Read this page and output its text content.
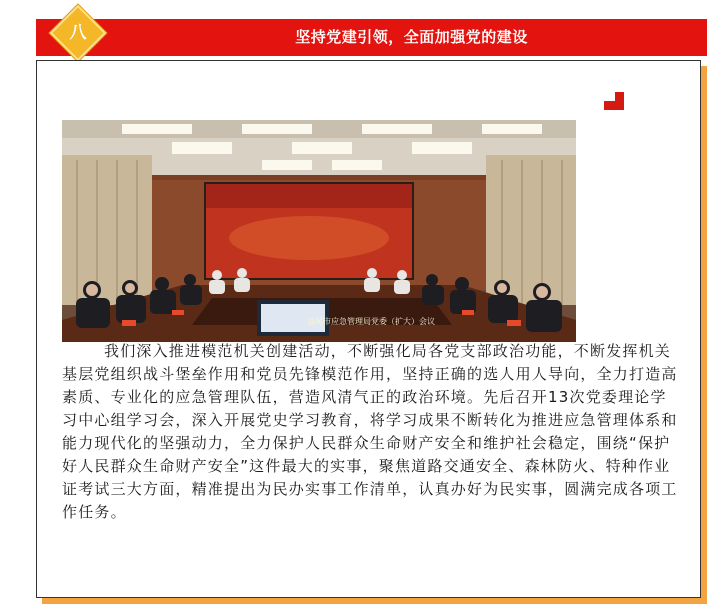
坚持党建引领，全面加强党的建设
八
汕尾市应急管理局党委（扩大）会议

我们深入推进模范机关创建活动，不断强化局各党支部政治功能，不断发挥机关基层党组织战斗堡垒作用和党员先锋模范作用，坚持正确的选人用人导向，全力打造高素质、专业化的应急管理队伍，营造风清气正的政治环境。先后召开13次党委理论学习中心组学习会，深入开展党史学习教育，将学习成果不断转化为推进应急管理体系和能力现代化的坚强动力，全力保护人民群众生命财产安全和维护社会稳定，围绕“保护好人民群众生命财产安全”这件最大的实事，聚焦道路交通安全、森林防火、特种作业证考试三大方面，精准提出为民办实事工作清单，认真办好为民实事，圆满完成各项工作任务。
